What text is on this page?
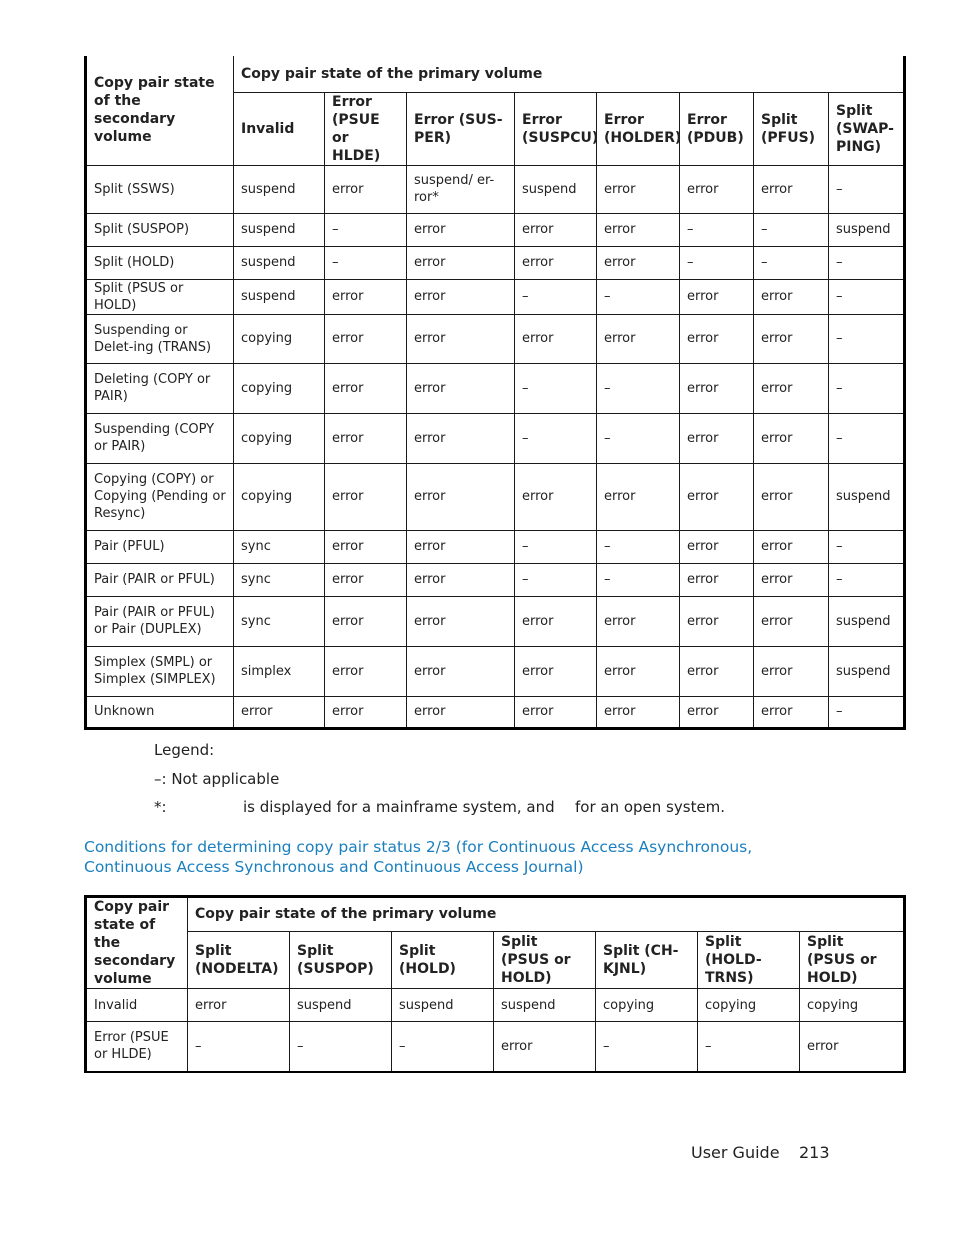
Copy pair state of the secondary volume	Copy pair state of the primary volume							
	Invalid	Error (PSUE or HLDE)	Error (SUS-PER)	Error (SUSPCU)	Error (HOLDER)	Error (PDUB)	Split (PFUS)	Split (SWAP-PING)
Split (SSWS)	suspend	error	suspend/ er-ror*	suspend	error	error	error	–
Split (SUSPOP)	suspend	–	error	error	error	–	–	suspend
Split (HOLD)	suspend	–	error	error	error	–	–	–
Split (PSUS or HOLD)	suspend	error	error	–	–	error	error	–
Suspending or Delet-ing (TRANS)	copying	error	error	error	error	error	error	–
Deleting (COPY or PAIR)	copying	error	error	–	–	error	error	–
Suspending (COPY or PAIR)	copying	error	error	–	–	error	error	–
Copying (COPY) or Copying (Pending or Resync)	copying	error	error	error	error	error	error	suspend
Pair (PFUL)	sync	error	error	–	–	error	error	–
Pair (PAIR or PFUL)	sync	error	error	–	–	error	error	–
Pair (PAIR or PFUL) or Pair (DUPLEX)	sync	error	error	error	error	error	error	suspend
Simplex (SMPL) or Simplex (SIMPLEX)	simplex	error	error	error	error	error	error	suspend
Unknown	error	error	error	error	error	error	error	–
Legend:
–: Not applicable
*:	is displayed for a mainframe system, and for an open system.
Conditions for determining copy pair status 2/3 (for Continuous Access Asynchronous, Continuous Access Synchronous and Continuous Access Journal)
Copy pair state of the secondary volume	Copy pair state of the primary volume						
	Split (NODELTA)	Split (SUSPOP)	Split (HOLD)	Split (PSUS or HOLD)	Split (CH-KJNL)	Split (HOLD-TRNS)	Split (PSUS or HOLD)
Invalid	error	suspend	suspend	suspend	copying	copying	copying
Error (PSUE or HLDE)	–	–	–	error	–	–	error
User Guide 213
